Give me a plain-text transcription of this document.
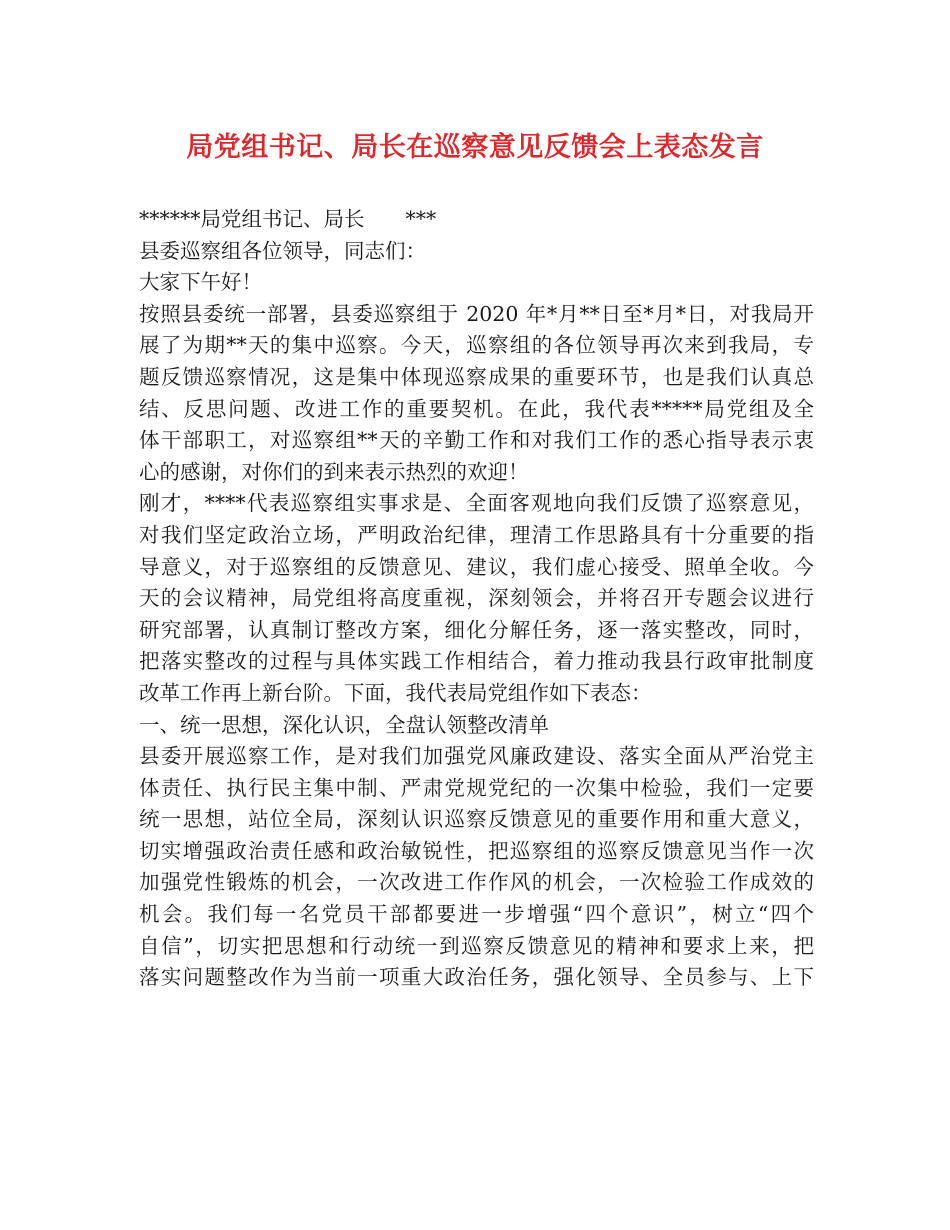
局党组书记、局长在巡察意见反馈会上表态发言

******局党组书记、局长　　***

县委巡察组各位领导，同志们：

大家下午好！

按照县委统一部署，县委巡察组于 2020 年*月**日至*月*日，对我局开
展了为期**天的集中巡察。今天，巡察组的各位领导再次来到我局，专
题反馈巡察情况，这是集中体现巡察成果的重要环节，也是我们认真总
结、反思问题、改进工作的重要契机。在此，我代表*****局党组及全
体干部职工，对巡察组**天的辛勤工作和对我们工作的悉心指导表示衷
心的感谢，对你们的到来表示热烈的欢迎！

刚才，****代表巡察组实事求是、全面客观地向我们反馈了巡察意见，
对我们坚定政治立场，严明政治纪律，理清工作思路具有十分重要的指
导意义，对于巡察组的反馈意见、建议，我们虚心接受、照单全收。今
天的会议精神，局党组将高度重视，深刻领会，并将召开专题会议进行
研究部署，认真制订整改方案，细化分解任务，逐一落实整改，同时，
把落实整改的过程与具体实践工作相结合，着力推动我县行政审批制度
改革工作再上新台阶。下面，我代表局党组作如下表态：

一、统一思想，深化认识，全盘认领整改清单

县委开展巡察工作，是对我们加强党风廉政建设、落实全面从严治党主
体责任、执行民主集中制、严肃党规党纪的一次集中检验，我们一定要
统一思想，站位全局，深刻认识巡察反馈意见的重要作用和重大意义，
切实增强政治责任感和政治敏锐性，把巡察组的巡察反馈意见当作一次
加强党性锻炼的机会，一次改进工作作风的机会，一次检验工作成效的
机会。我们每一名党员干部都要进一步增强“四个意识”，树立“四个
自信”，切实把思想和行动统一到巡察反馈意见的精神和要求上来，把
落实问题整改作为当前一项重大政治任务，强化领导、全员参与、上下
